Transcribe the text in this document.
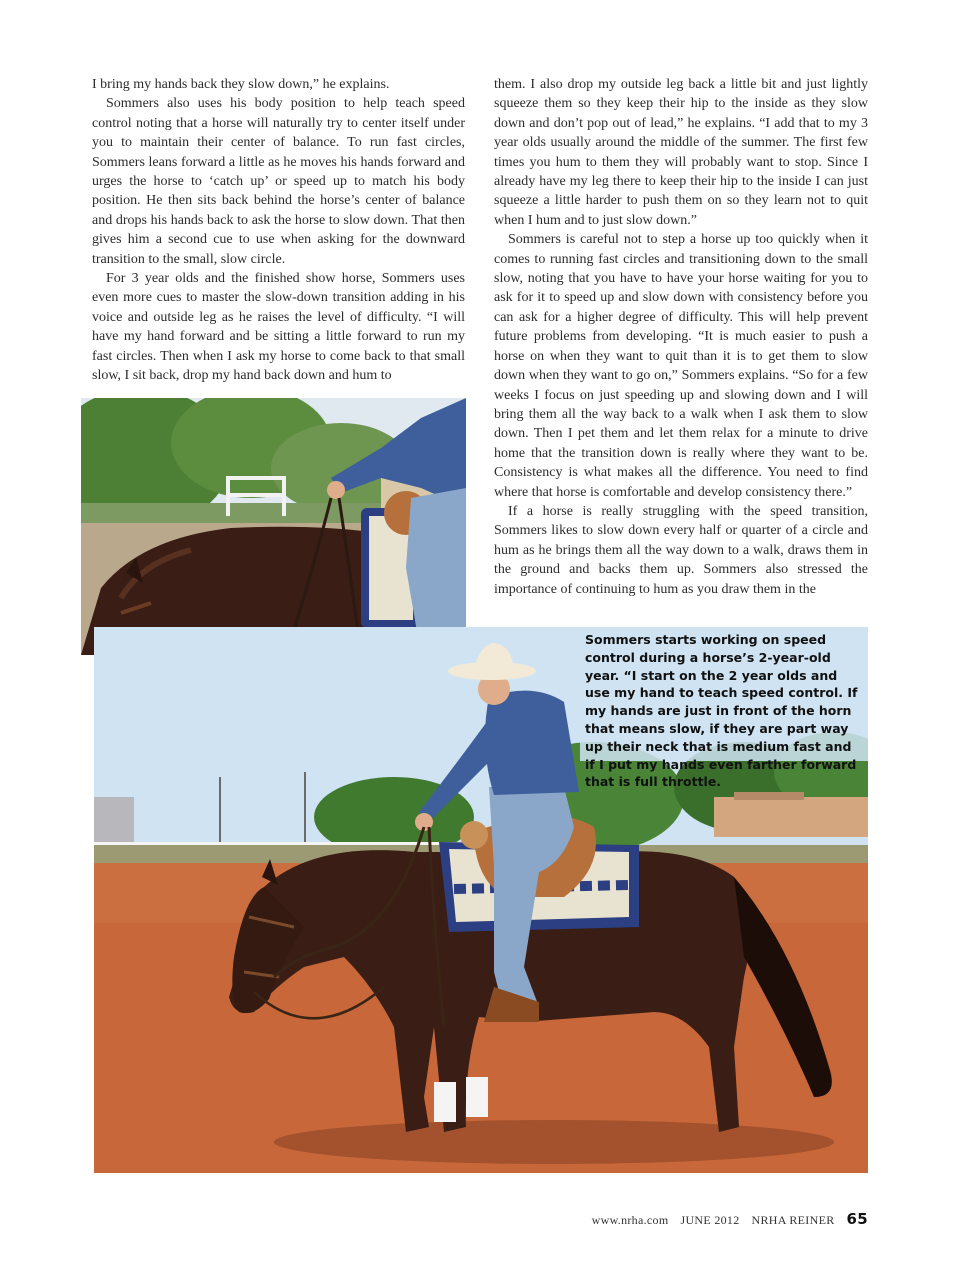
I bring my hands back they slow down,” he explains.

Sommers also uses his body position to help teach speed control noting that a horse will naturally try to center itself under you to maintain their center of balance. To run fast circles, Sommers leans forward a little as he moves his hands forward and urges the horse to ‘catch up’ or speed up to match his body position. He then sits back behind the horse’s center of balance and drops his hands back to ask the horse to slow down. That then gives him a second cue to use when asking for the downward transition to the small, slow circle.

For 3 year olds and the finished show horse, Sommers uses even more cues to master the slow-down transition adding in his voice and outside leg as he raises the level of difficulty. “I will have my hand forward and be sitting a little forward to run my fast circles. Then when I ask my horse to come back to that small slow, I sit back, drop my hand back down and hum to

them. I also drop my outside leg back a little bit and just lightly squeeze them so they keep their hip to the inside as they slow down and don’t pop out of lead,” he explains. “I add that to my 3 year olds usually around the middle of the summer. The first few times you hum to them they will probably want to stop. Since I already have my leg there to keep their hip to the inside I can just squeeze a little harder to push them on so they learn not to quit when I hum and to just slow down.”

Sommers is careful not to step a horse up too quickly when it comes to running fast circles and transitioning down to the small slow, noting that you have to have your horse waiting for you to ask for it to speed up and slow down with consistency before you can ask for a higher degree of difficulty. This will help prevent future problems from developing. “It is much easier to push a horse on when they want to quit than it is to get them to slow down when they want to go on,” Sommers explains. “So for a few weeks I focus on just speeding up and slowing down and I will bring them all the way back to a walk when I ask them to slow down. Then I pet them and let them relax for a minute to drive home that the transition down is really where they want to be. Consistency is what makes all the difference. You need to find where that horse is comfortable and develop consistency there.”

If a horse is really struggling with the speed transition, Sommers likes to slow down every half or quarter of a circle and hum as he brings them all the way down to a walk, draws them in the ground and backs them up. Sommers also stressed the importance of continuing to hum as you draw them in the

Sommers starts working on speed control during a horse’s 2-year-old year. “I start on the 2 year olds and use my hand to teach speed control. If my hands are just in front of the horn that means slow, if they are part way up their neck that is medium fast and if I put my hands even farther forward that is full throttle.
www.nrha.com JUNE 2012 NRHA REINER 65
